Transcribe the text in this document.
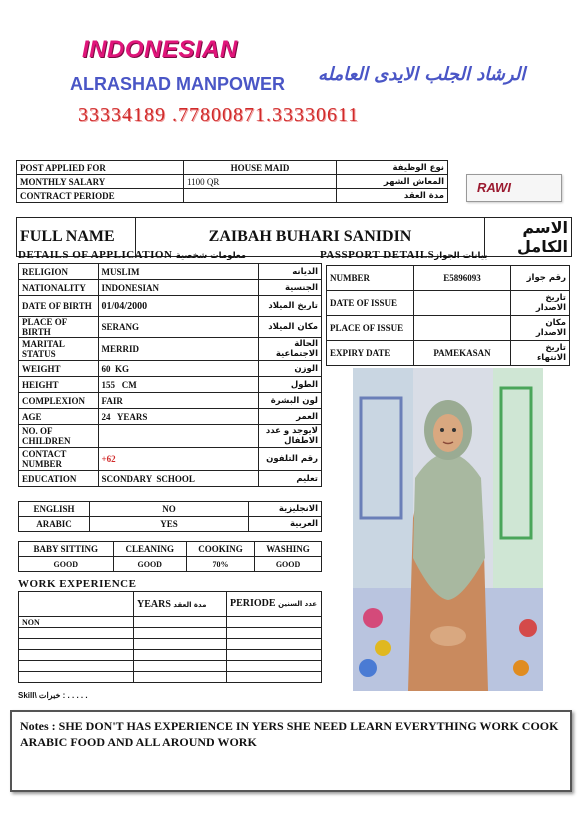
INDONESIAN
ALRASHAD MANPOWER الرشاد الجلب الايدى العامله
33334189 .77800871.33330611
POST APPLIED FOR	HOUSE MAID	نوع الوظيفة
MONTHLY SALARY	1100 QR	المعاش الشهر
CONTRACT PERIODE		مدة العقد
RAWI
FULL NAME	ZAIBAH BUHARI SANIDIN	الاسم الكامل
DETAILS OF APPLICATION معلومات شخصية	PASSPORT DETAILSبيانات الجواز
RELIGION	MUSLIM	الديانه
NATIONALITY	INDONESIAN	الجنسية
DATE OF BIRTH	01/04/2000	تاريخ الميلاد
PLACE OF BIRTH	SERANG	مكان الميلاد
MARITAL STATUS	MERRID	الحالة الاجتماعية
WEIGHT	60  KG	الوزن
HEIGHT	155   CM	الطول
COMPLEXION	FAIR	لون البشرة
AGE	24   YEARS	العمر
NO. OF CHILDREN		لايوجد و عدد الاطفال
CONTACT NUMBER	+62	رقم التلفون
EDUCATION	SCONDARY  SCHOOL	تعليم
ENGLISH	NO	الانجليزية
ARABIC	YES	العربية
BABY SITTING	CLEANING	COOKING	WASHING
GOOD	GOOD	70%	GOOD
WORK EXPERIENCE
	YEARS مدة العقد	PERIODE عدد السنين
NON		

NUMBER	E5896093	رقم جواز
DATE OF ISSUE		تاريخ الاصدار
PLACE OF ISSUE		مكان الاصدار
EXPIRY DATE	PAMEKASAN	تاريخ الانتهاء
Skill\ خبرات : . . . . .
Notes : SHE DON'T HAS EXPERIENCE IN YERS SHE NEED LEARN EVERYTHING WORK COOK ARABIC FOOD AND ALL AROUND WORK
